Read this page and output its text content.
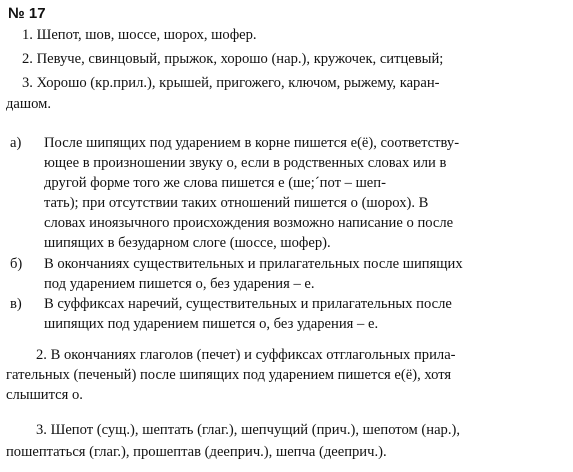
№ 17
1. Шепот, шов, шоссе, шорох, шофер.
2. Певуче, свинцовый, прыжок, хорошо (нар.), кружочек, ситцевый;
3. Хорошо (кр.прил.), крышей, пригожего, ключом, рыжему, каран-
дашом.
а) После шипящих под ударением в корне пишется е(ё), соответству-
ющее в произношении звуку о, если в родственных словах или в
другой форме того же слова пишется е (ше;´пот – шеп-
тать); при отсутствии таких отношений пишется о (шорох). В
словах иноязычного происхождения возможно написание о после
шипящих в безударном слоге (шоссе, шофер).
б) В окончаниях существительных и прилагательных после шипящих
под ударением пишется о, без ударения – е.
в) В суффиксах наречий, существительных и прилагательных после
шипящих под ударением пишется о, без ударения – е.
2. В окончаниях глаголов (печет) и суффиксах отглагольных прила-
гательных (печеный) после шипящих под ударением пишется е(ё), хотя
слышится о.
3. Шепот (сущ.), шептать (глаг.), шепчущий (прич.), шепотом (нар.),
пошептаться (глаг.), прошептав (дееприч.), шепча (дееприч.).
